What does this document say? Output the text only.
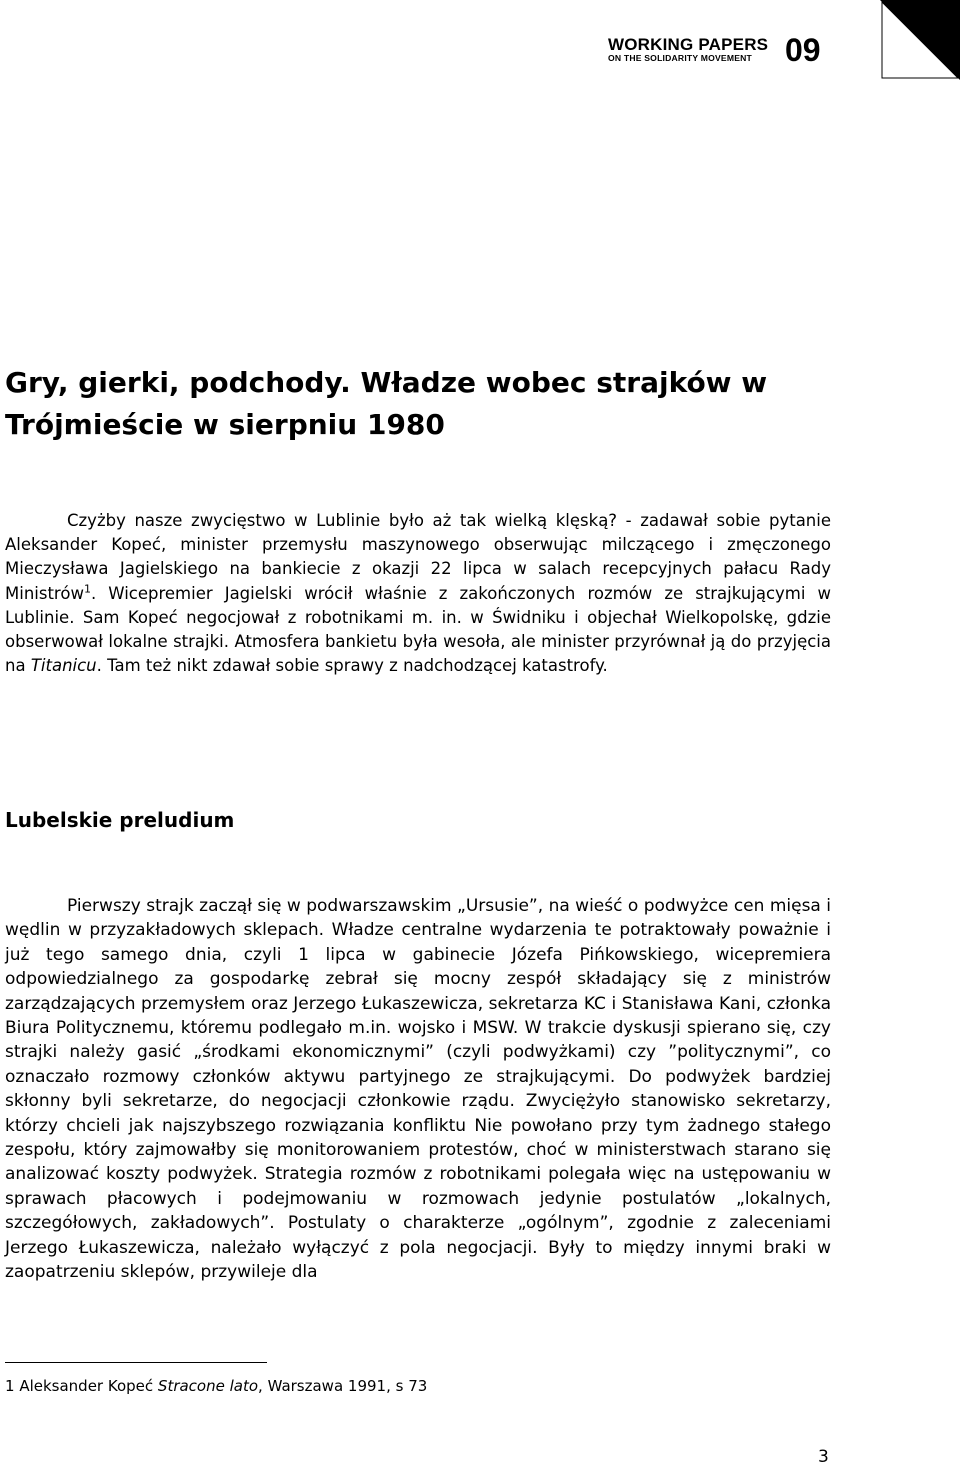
WORKING PAPERS
ON THE SOLIDARITY MOVEMENT	09
Gry, gierki, podchody. Władze wobec strajków w Trójmieście w sierpniu 1980

Czyżby nasze zwycięstwo w Lublinie było aż tak wielką klęską? - zadawał sobie pytanie Aleksander Kopeć, minister przemysłu maszynowego obserwując milczącego i zmęczonego Mieczysława Jagielskiego na bankiecie z okazji 22 lipca w salach recepcyjnych pałacu Rady Ministrów$^1$. Wicepremier Jagielski wrócił właśnie z zakończonych rozmów ze strajkującymi w Lublinie. Sam Kopeć negocjował z robotnikami m. in. w Świdniku i objechał Wielkopolskę, gdzie obserwował lokalne strajki. Atmosfera bankietu była wesoła, ale minister przyrównał ją do przyjęcia na Titanicu. Tam też nikt zdawał sobie sprawy z nadchodzącej katastrofy.

Lubelskie preludium

Pierwszy strajk zaczął się w podwarszawskim „Ursusie”, na wieść o podwyżce cen mięsa i wędlin w przyzakładowych sklepach. Władze centralne wydarzenia te potraktowały poważnie i już tego samego dnia, czyli 1 lipca w gabinecie Józefa Pińkowskiego, wicepremiera odpowiedzialnego za gospodarkę zebrał się mocny zespół składający się z ministrów zarządzających przemysłem oraz Jerzego Łukaszewicza, sekretarza KC i Stanisława Kani, członka Biura Politycznemu, któremu podlegało m.in. wojsko i MSW. W trakcie dyskusji spierano się, czy strajki należy gasić „środkami ekonomicznymi” (czyli podwyżkami) czy ”politycznymi”, co oznaczało rozmowy członków aktywu partyjnego ze strajkującymi. Do podwyżek bardziej skłonny byli sekretarze, do negocjacji członkowie rządu. Zwyciężyło stanowisko sekretarzy, którzy chcieli jak najszybszego rozwiązania konfliktu Nie powołano przy tym żadnego stałego zespołu, który zajmowałby się monitorowaniem protestów, choć w ministerstwach starano się analizować koszty podwyżek. Strategia rozmów z robotnikami polegała więc na ustępowaniu w sprawach płacowych i podejmowaniu w rozmowach jedynie postulatów „lokalnych, szczegółowych, zakładowych”. Postulaty o charakterze „ogólnym”, zgodnie z zaleceniami Jerzego Łukaszewicza, należało wyłączyć z pola negocjacji. Były to między innymi braki w zaopatrzeniu sklepów, przywileje dla

1 Aleksander Kopeć Stracone lato, Warszawa 1991, s 73

3
